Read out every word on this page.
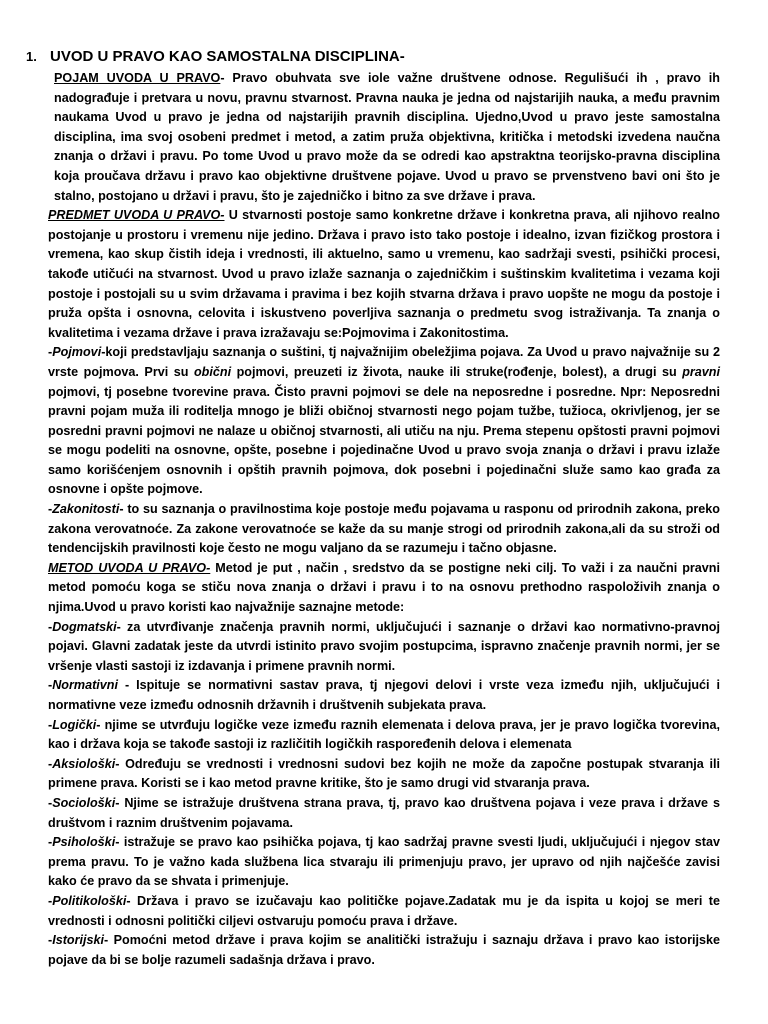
1. UVOD U PRAVO KAO SAMOSTALNA DISCIPLINA-

POJAM UVODA U PRAVO- Pravo obuhvata sve iole važne društvene odnose. Regulišući ih , pravo ih nadograđuje i pretvara u novu, pravnu stvarnost. Pravna nauka je jedna od najstarijih nauka, a među pravnim naukama Uvod u pravo je jedna od najstarijih pravnih disciplina. Ujedno,Uvod u pravo jeste samostalna disciplina, ima svoj osobeni predmet i metod, a zatim pruža objektivna, kritička i metodski izvedena naučna znanja o državi i pravu. Po tome Uvod u pravo može da se odredi kao apstraktna teorijsko-pravna disciplina koja proučava državu i pravo kao objektivne društvene pojave. Uvod u pravo se prvenstveno bavi oni što je stalno, postojano u državi i pravu, što je zajedničko i bitno za sve države i prava.

PREDMET UVODA U PRAVO- U stvarnosti postoje samo konkretne države i konkretna prava, ali njihovo realno postojanje u prostoru i vremenu nije jedino. Država i pravo isto tako postoje i idealno, izvan fizičkog prostora i vremena, kao skup čistih ideja i vrednosti, ili aktuelno, samo u vremenu, kao sadržaji svesti, psihički procesi, takođe utičući na stvarnost. Uvod u pravo izlaže saznanja o zajedničkim i suštinskim kvalitetima i vezama koji postoje i postojali su u svim državama i pravima i bez kojih stvarna država i pravo uopšte ne mogu da postoje i pruža opšta i osnovna, celovita i iskustveno poverljiva saznanja o predmetu svog istraživanja. Ta znanja o kvalitetima i vezama države i prava izražavaju se:Pojmovima i Zakonitostima.

-Pojmovi-koji predstavljaju saznanja o suštini, tj najvažnijim obeležjima pojava. Za Uvod u pravo najvažnije su 2 vrste pojmova. Prvi su obični pojmovi, preuzeti iz života, nauke ili struke(rođenje, bolest), a drugi su pravni pojmovi, tj posebne tvorevine prava. Čisto pravni pojmovi se dele na neposredne i posredne. Npr: Neposredni pravni pojam muža ili roditelja mnogo je bliži običnoj stvarnosti nego pojam tužbe, tužioca, okrivljenog, jer se posredni pravni pojmovi ne nalaze u običnoj stvarnosti, ali utiču na nju. Prema stepenu opštosti pravni pojmovi se mogu podeliti na osnovne, opšte, posebne i pojedinačne Uvod u pravo svoja znanja o državi i pravu izlaže samo korišćenjem osnovnih i opštih pravnih pojmova, dok posebni i pojedinačni služe samo kao građa za osnovne i opšte pojmove.

-Zakonitosti- to su saznanja o pravilnostima koje postoje među pojavama u rasponu od prirodnih zakona, preko zakona verovatnoće. Za zakone verovatnoće se kaže da su manje strogi od prirodnih zakona,ali da su stroži od tendencijskih pravilnosti koje često ne mogu valjano da se razumeju i tačno objasne.

METOD UVODA U PRAVO- Metod je put , način , sredstvo da se postigne neki cilj. To važi i za naučni pravni metod pomoću koga se stiču nova znanja o državi i pravu i to na osnovu prethodno raspoloživih znanja o njima.Uvod u pravo koristi kao najvažnije saznajne metode:

-Dogmatski- za utvrđivanje značenja pravnih normi, uključujući i saznanje o državi kao normativno-pravnoj pojavi. Glavni zadatak jeste da utvrdi istinito pravo svojim postupcima, ispravno značenje pravnih normi, jer se vršenje vlasti sastoji iz izdavanja i primene pravnih normi.

-Normativni - Ispituje se normativni sastav prava, tj njegovi delovi i vrste veza između njih, uključujući i normativne veze između odnosnih državnih i društvenih subjekata prava.

-Logički- njime se utvrđuju logičke veze između raznih elemenata i delova prava, jer je pravo logička tvorevina, kao i država koja se takođe sastoji iz različitih logičkih raspoređenih delova i elemenata

-Aksiološki- Određuju se vrednosti i vrednosni sudovi bez kojih ne može da započne postupak stvaranja ili primene prava. Koristi se i kao metod pravne kritike, što je samo drugi vid stvaranja prava.

-Sociološki- Njime se istražuje društvena strana prava, tj, pravo kao društvena pojava i veze prava i države s društvom i raznim društvenim pojavama.

-Psihološki- istražuje se pravo kao psihička pojava, tj kao sadržaj pravne svesti ljudi, uključujući i njegov stav prema pravu. To je važno kada službena lica stvaraju ili primenjuju pravo, jer upravo od njih najčešće zavisi kako će pravo da se shvata i primenjuje.

-Politikološki- Država i pravo se izučavaju kao političke pojave.Zadatak mu je da ispita u kojoj se meri te vrednosti i odnosni politički ciljevi ostvaruju pomoću prava i države.

-Istorijski- Pomoćni metod države i prava kojim se analitički istražuju i saznaju država i pravo kao istorijske pojave da bi se bolje razumeli sadašnja država i pravo.
